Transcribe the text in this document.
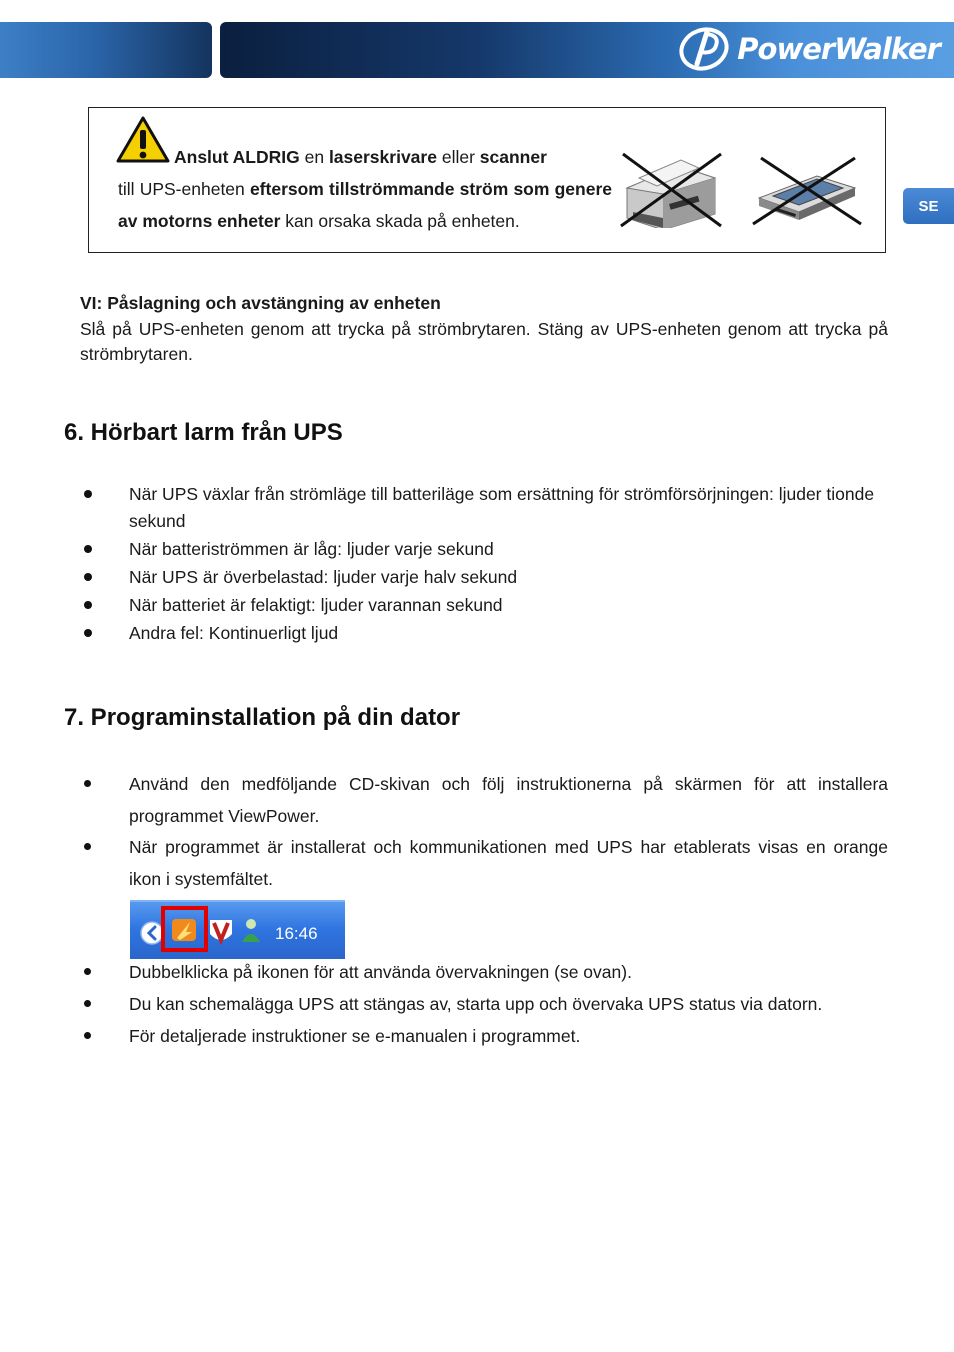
PowerWalker
SE
Anslut ALDRIG en laserskrivare eller scanner
till UPS-enheten eftersom tillströmmande ström som genere av motorns enheter kan orsaka skada på enheten.
VI: Påslagning och avstängning av enheten
Slå på UPS-enheten genom att trycka på strömbrytaren. Stäng av UPS-enheten genom att trycka på strömbrytaren.
6. Hörbart larm från UPS
När UPS växlar från strömläge till batteriläge som ersättning för strömförsörjningen: ljuder tionde sekund
När batteriströmmen är låg: ljuder varje sekund
När UPS är överbelastad: ljuder varje halv sekund
När batteriet är felaktigt: ljuder varannan sekund
Andra fel: Kontinuerligt ljud
7. Programinstallation på din dator
Använd den medföljande CD-skivan och följ instruktionerna på skärmen för att installera programmet ViewPower.
När programmet är installerat och kommunikationen med UPS har etablerats visas en orange ikon i systemfältet.
16:46
Dubbelklicka på ikonen för att använda övervakningen (se ovan).
Du kan schemalägga UPS att stängas av, starta upp och övervaka UPS status via datorn.
För detaljerade instruktioner se e-manualen i programmet.
